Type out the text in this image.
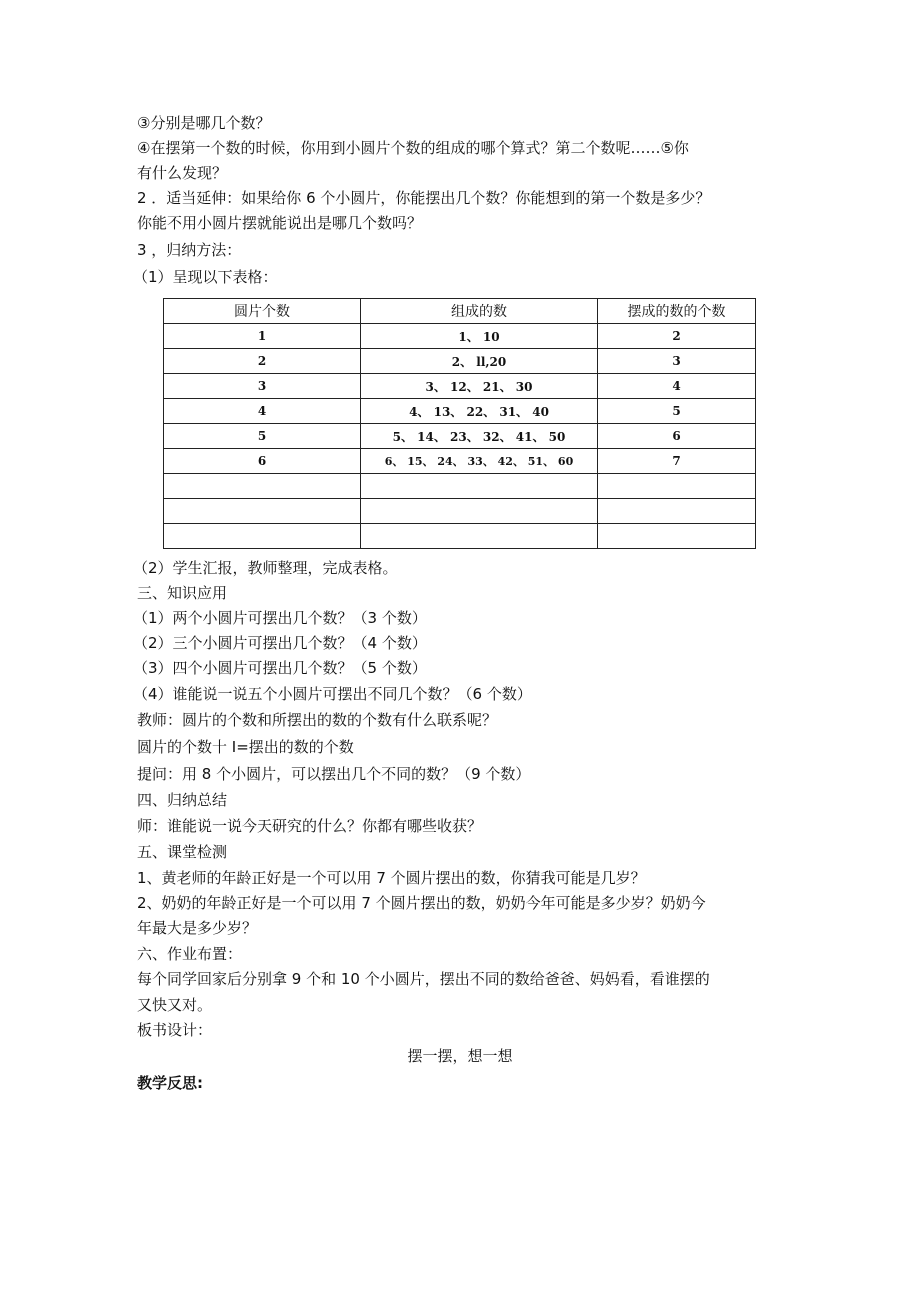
③分别是哪几个数？
④在摆第一个数的时候，你用到小圆片个数的组成的哪个算式？第二个数呢……⑤你
有什么发现？
2 ．适当延伸：如果给你 6 个小圆片，你能摆出几个数？你能想到的第一个数是多少？
你能不用小圆片摆就能说出是哪几个数吗？
3 ，归纳方法：
（1）呈现以下表格：
圆片个数	组成的数	摆成的数的个数
1	1、 10	2
2	2、 ll,20	3
3	3、 12、 21、 30	4
4	4、 13、 22、 31、 40	5
5	5、 14、 23、 32、 41、 50	6
6	6、 15、 24、 33、 42、 51、 60	7

（2）学生汇报，教师整理，完成表格。
三、知识应用
（1）两个小圆片可摆出几个数？（3 个数）
（2）三个小圆片可摆出几个数？（4 个数）
（3）四个小圆片可摆出几个数？（5 个数）
（4）谁能说一说五个小圆片可摆出不同几个数？（6 个数）
教师：圆片的个数和所摆出的数的个数有什么联系呢？
圆片的个数十 I=摆出的数的个数
提问：用 8 个小圆片，可以摆出几个不同的数？（9 个数）
四、归纳总结
师：谁能说一说今天研究的什么？你都有哪些收获？
五、课堂检测
1、黄老师的年龄正好是一个可以用 7 个圆片摆出的数，你猜我可能是几岁？
2、奶奶的年龄正好是一个可以用 7 个圆片摆出的数，奶奶今年可能是多少岁？奶奶今
年最大是多少岁？
六、作业布置：
每个同学回家后分别拿 9 个和 10 个小圆片，摆出不同的数给爸爸、妈妈看，看谁摆的
又快又对。
板书设计：
摆一摆，想一想
教学反思:
